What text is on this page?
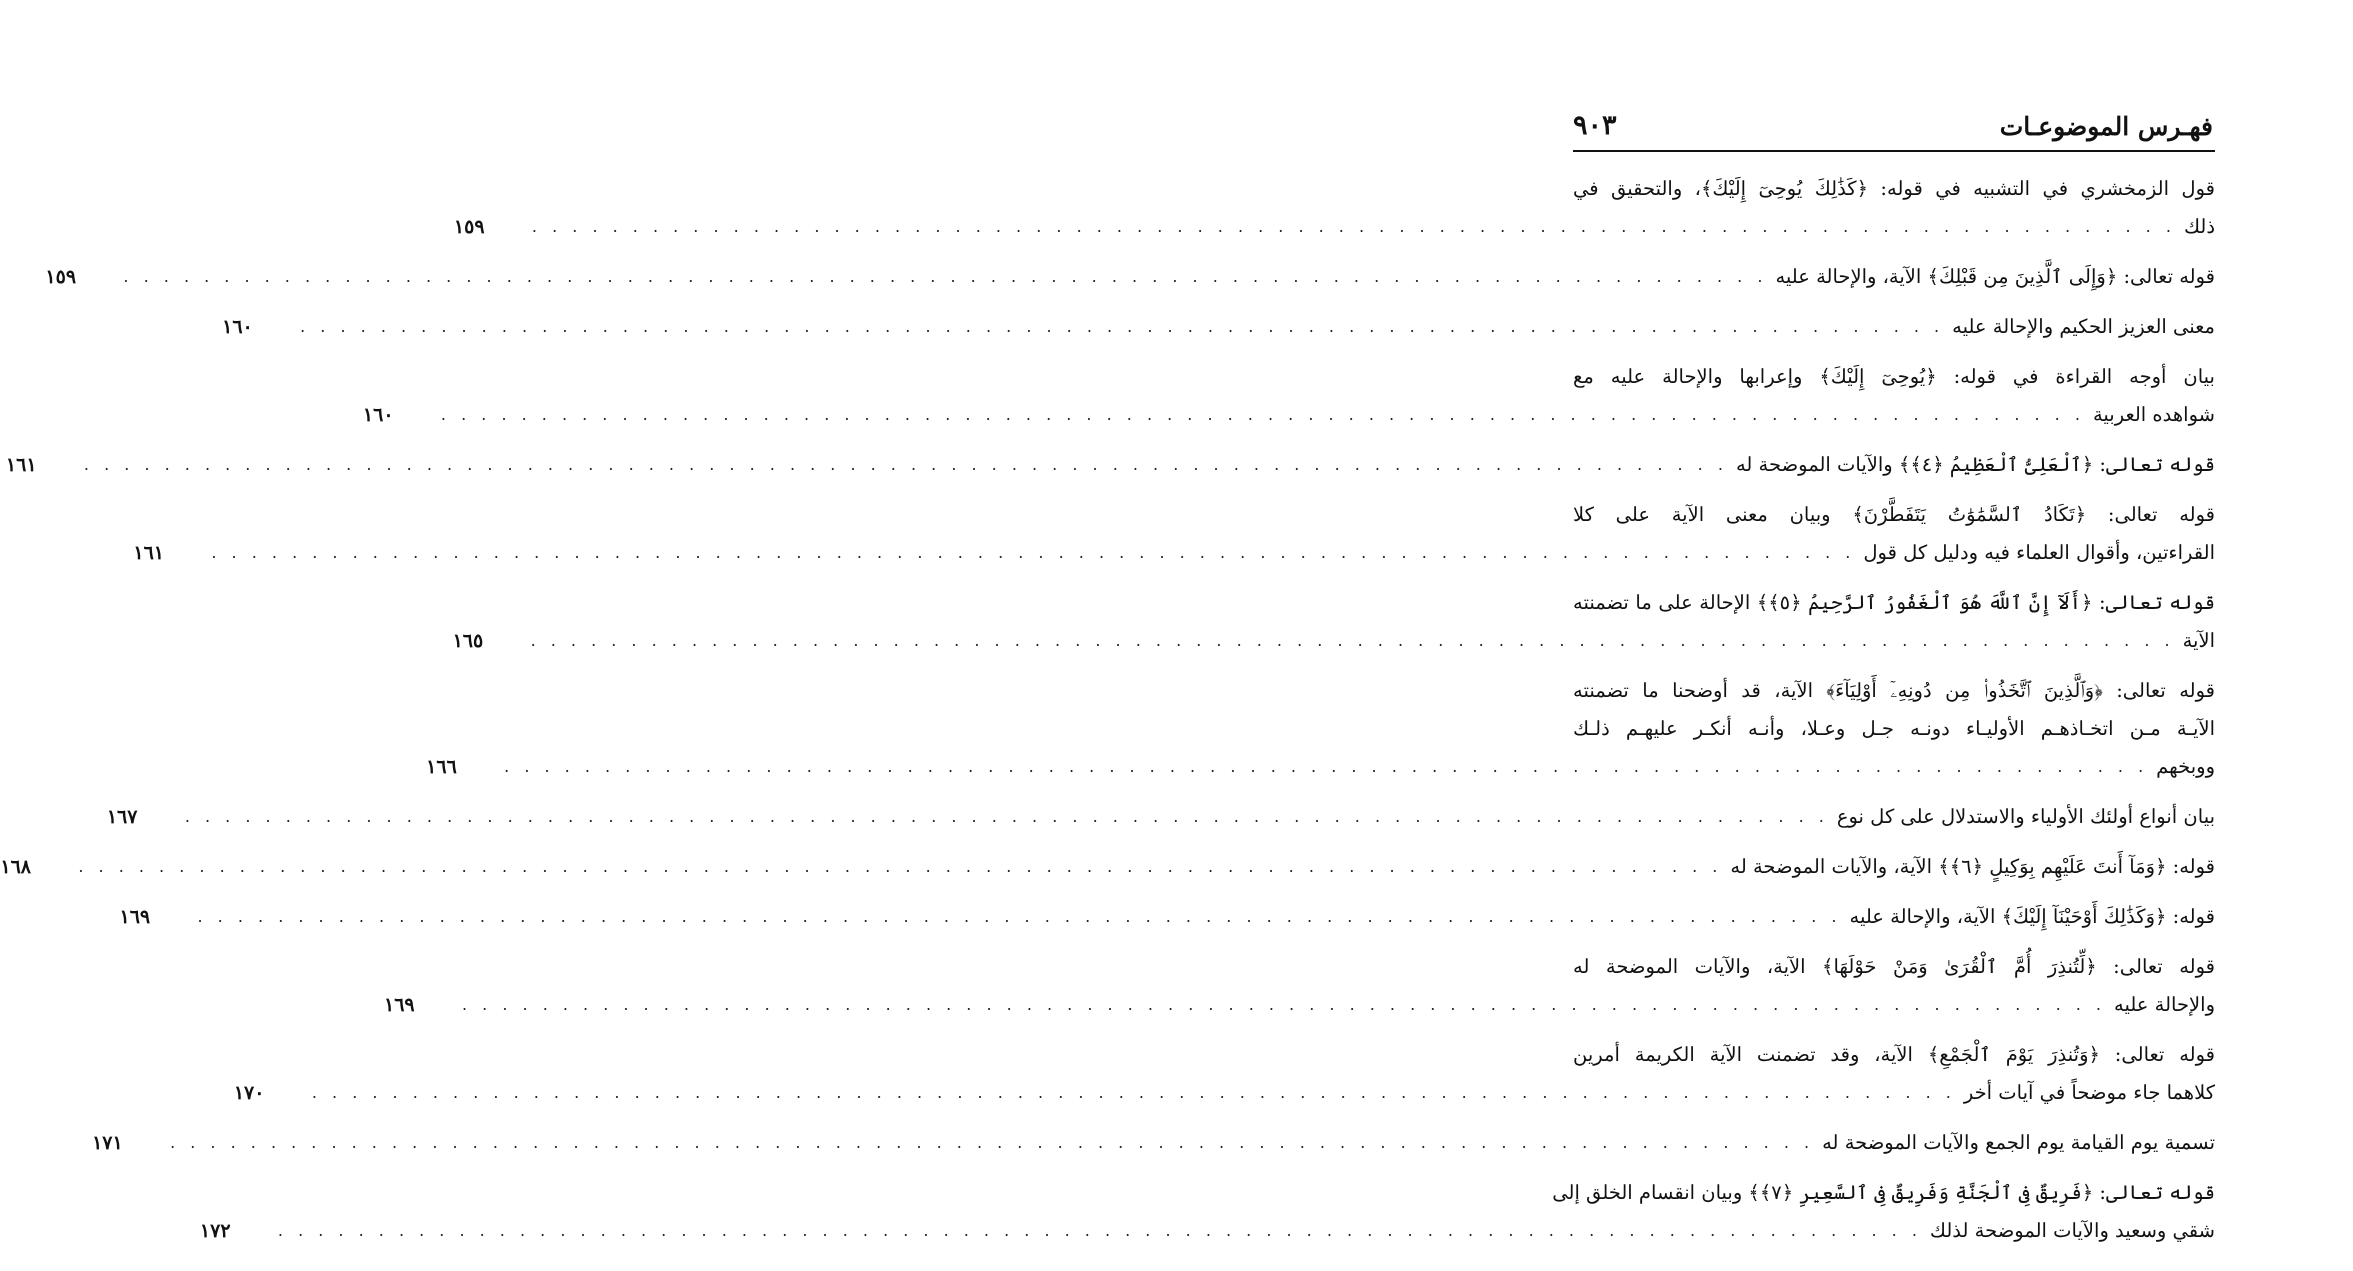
فهـرس الموضوعـات
٩٠٣
قول الزمخشري في التشبيه في قوله: ﴿كَذَٰلِكَ يُوحِىٓ إِلَيْكَ﴾، والتحقيق في
ذلك
. . . . . . . . . . . . . . . . . . . . . . . . . . . . . . . . . . . . . . . . . . . . . . . . . . . . . . . . . . . . . . . . . . . . . . . . . . . . . . . . . .
١٥٩
قوله تعالى: ﴿وَإِلَى ٱلَّذِينَ مِن قَبْلِكَ﴾ الآية، والإحالة عليه
. . . . . . . . . . . . . . . . . . . . . . . . . . . . . . . . . . . . . . . . . . . . . . . . . . . . . . . . . . . . . . . . . . . . . . . . . . . . . . . . . .
١٥٩
معنى العزيز الحكيم والإحالة عليه
. . . . . . . . . . . . . . . . . . . . . . . . . . . . . . . . . . . . . . . . . . . . . . . . . . . . . . . . . . . . . . . . . . . . . . . . . . . . . . . . . .
١٦٠
بيان أوجه القراءة في قوله: ﴿يُوحِىٓ إِلَيْكَ﴾ وإعرابها والإحالة عليه مع
شواهده العربية
. . . . . . . . . . . . . . . . . . . . . . . . . . . . . . . . . . . . . . . . . . . . . . . . . . . . . . . . . . . . . . . . . . . . . . . . . . . . . . . . . .
١٦٠
قوله تعالى: ﴿ٱلْعَلِىُّ ٱلْعَظِيمُ ﴿٤﴾﴾ والآيات الموضحة له
. . . . . . . . . . . . . . . . . . . . . . . . . . . . . . . . . . . . . . . . . . . . . . . . . . . . . . . . . . . . . . . . . . . . . . . . . . . . . . . . . .
١٦١
قوله تعالى: ﴿تَكَادُ ٱلسَّمَٰوَٰتُ يَتَفَطَّرْنَ﴾ وبيان معنى الآية على كلا
القراءتين، وأقوال العلماء فيه ودليل كل قول
. . . . . . . . . . . . . . . . . . . . . . . . . . . . . . . . . . . . . . . . . . . . . . . . . . . . . . . . . . . . . . . . . . . . . . . . . . . . . . . . . .
١٦١
قوله تعالى: ﴿أَلَآ إِنَّ ٱللَّهَ هُوَ ٱلْغَفُورُ ٱلرَّحِيمُ ﴿٥﴾﴾ الإحالة على ما تضمنته
الآية
. . . . . . . . . . . . . . . . . . . . . . . . . . . . . . . . . . . . . . . . . . . . . . . . . . . . . . . . . . . . . . . . . . . . . . . . . . . . . . . . . .
١٦٥
قوله تعالى: ﴿وَٱلَّذِينَ ٱتَّخَذُوا۟ مِن دُونِهِۦٓ أَوْلِيَآءَ﴾ الآية، قد أوضحنا ما تضمنته
الآيـة مـن اتخـاذهـم الأوليـاء دونـه جـل وعـلا، وأنـه أنكـر عليهـم ذلـك
ووبخهم
. . . . . . . . . . . . . . . . . . . . . . . . . . . . . . . . . . . . . . . . . . . . . . . . . . . . . . . . . . . . . . . . . . . . . . . . . . . . . . . . . .
١٦٦
بيان أنواع أولئك الأولياء والاستدلال على كل نوع
. . . . . . . . . . . . . . . . . . . . . . . . . . . . . . . . . . . . . . . . . . . . . . . . . . . . . . . . . . . . . . . . . . . . . . . . . . . . . . . . . .
١٦٧
قوله: ﴿وَمَآ أَنتَ عَلَيْهِم بِوَكِيلٍ ﴿٦﴾﴾ الآية، والآيات الموضحة له
. . . . . . . . . . . . . . . . . . . . . . . . . . . . . . . . . . . . . . . . . . . . . . . . . . . . . . . . . . . . . . . . . . . . . . . . . . . . . . . . . .
١٦٨
قوله: ﴿وَكَذَٰلِكَ أَوْحَيْنَآ إِلَيْكَ﴾ الآية، والإحالة عليه
. . . . . . . . . . . . . . . . . . . . . . . . . . . . . . . . . . . . . . . . . . . . . . . . . . . . . . . . . . . . . . . . . . . . . . . . . . . . . . . . . .
١٦٩
قوله تعالى: ﴿لِّتُنذِرَ أُمَّ ٱلْقُرَىٰ وَمَنْ حَوْلَهَا﴾ الآية، والآيات الموضحة له
والإحالة عليه
. . . . . . . . . . . . . . . . . . . . . . . . . . . . . . . . . . . . . . . . . . . . . . . . . . . . . . . . . . . . . . . . . . . . . . . . . . . . . . . . . .
١٦٩
قوله تعالى: ﴿وَتُنذِرَ يَوْمَ ٱلْجَمْعِ﴾ الآية، وقد تضمنت الآية الكريمة أمرين
كلاهما جاء موضحاً في آيات أخر
. . . . . . . . . . . . . . . . . . . . . . . . . . . . . . . . . . . . . . . . . . . . . . . . . . . . . . . . . . . . . . . . . . . . . . . . . . . . . . . . . .
١٧٠
تسمية يوم القيامة يوم الجمع والآيات الموضحة له
. . . . . . . . . . . . . . . . . . . . . . . . . . . . . . . . . . . . . . . . . . . . . . . . . . . . . . . . . . . . . . . . . . . . . . . . . . . . . . . . . .
١٧١
قوله تعالى: ﴿فَرِيقٌ فِى ٱلْجَنَّةِ وَفَرِيقٌ فِى ٱلسَّعِيرِ ﴿٧﴾﴾ وبيان انقسام الخلق إلى
شقي وسعيد والآيات الموضحة لذلك
. . . . . . . . . . . . . . . . . . . . . . . . . . . . . . . . . . . . . . . . . . . . . . . . . . . . . . . . . . . . . . . . . . . . . . . . . . . . . . . . . .
١٧٢
